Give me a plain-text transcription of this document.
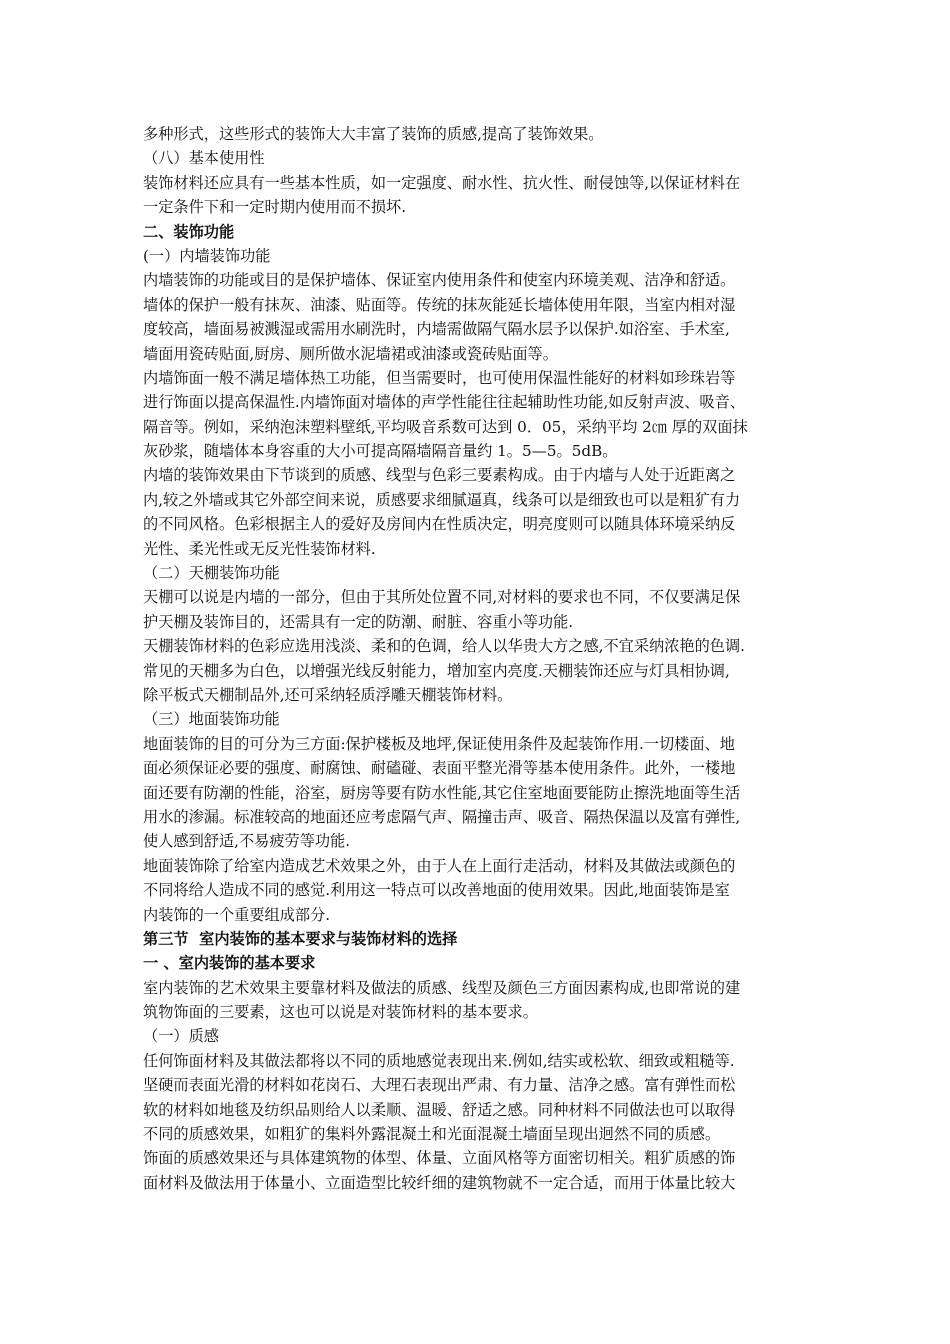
多种形式，这些形式的装饰大大丰富了装饰的质感,提高了装饰效果。
（八）基本使用性
装饰材料还应具有一些基本性质，如一定强度、耐水性、抗火性、耐侵蚀等,以保证材料在
一定条件下和一定时期内使用而不损坏.
二、装饰功能
(一）内墙装饰功能
内墙装饰的功能或目的是保护墙体、保证室内使用条件和使室内环境美观、洁净和舒适。
墙体的保护一般有抹灰、油漆、贴面等。传统的抹灰能延长墙体使用年限，当室内相对湿
度较高，墙面易被溅湿或需用水刷洗时，内墙需做隔气隔水层予以保护.如浴室、手术室,
墙面用瓷砖贴面,厨房、厕所做水泥墙裙或油漆或瓷砖贴面等。
内墙饰面一般不满足墙体热工功能，但当需要时，也可使用保温性能好的材料如珍珠岩等
进行饰面以提高保温性.内墙饰面对墙体的声学性能往往起辅助性功能,如反射声波、吸音、
隔音等。例如，采纳泡沫塑料壁纸,平均吸音系数可达到 0．05，采纳平均 2㎝ 厚的双面抹
灰砂浆，随墙体本身容重的大小可提高隔墙隔音量约 1。5—5。5dB。
内墙的装饰效果由下节谈到的质感、线型与色彩三要素构成。由于内墙与人处于近距离之
内,较之外墙或其它外部空间来说，质感要求细腻逼真，线条可以是细致也可以是粗犷有力
的不同风格。色彩根据主人的爱好及房间内在性质决定，明亮度则可以随具体环境采纳反
光性、柔光性或无反光性装饰材料.
（二）天棚装饰功能
天棚可以说是内墙的一部分，但由于其所处位置不同,对材料的要求也不同，不仅要满足保
护天棚及装饰目的，还需具有一定的防潮、耐脏、容重小等功能.
天棚装饰材料的色彩应选用浅淡、柔和的色调，给人以华贵大方之感,不宜采纳浓艳的色调.
常见的天棚多为白色，以增强光线反射能力，增加室内亮度.天棚装饰还应与灯具相协调,
除平板式天棚制品外,还可采纳轻质浮雕天棚装饰材料。
（三）地面装饰功能
地面装饰的目的可分为三方面:保护楼板及地坪,保证使用条件及起装饰作用.一切楼面、地
面必须保证必要的强度、耐腐蚀、耐磕碰、表面平整光滑等基本使用条件。此外，一楼地
面还要有防潮的性能，浴室，厨房等要有防水性能,其它住室地面要能防止擦洗地面等生活
用水的渗漏。标准较高的地面还应考虑隔气声、隔撞击声、吸音、隔热保温以及富有弹性,
使人感到舒适,不易疲劳等功能.
地面装饰除了给室内造成艺术效果之外，由于人在上面行走活动，材料及其做法或颜色的
不同将给人造成不同的感觉.利用这一特点可以改善地面的使用效果。因此,地面装饰是室
内装饰的一个重要组成部分.
第三节  室内装饰的基本要求与装饰材料的选择
一 、室内装饰的基本要求
室内装饰的艺术效果主要靠材料及做法的质感、线型及颜色三方面因素构成,也即常说的建
筑物饰面的三要素，这也可以说是对装饰材料的基本要求。
（一）质感
任何饰面材料及其做法都将以不同的质地感觉表现出来.例如,结实或松软、细致或粗糙等.
坚硬而表面光滑的材料如花岗石、大理石表现出严肃、有力量、洁净之感。富有弹性而松
软的材料如地毯及纺织品则给人以柔顺、温暖、舒适之感。同种材料不同做法也可以取得
不同的质感效果，如粗犷的集料外露混凝土和光面混凝土墙面呈现出迥然不同的质感。
饰面的质感效果还与具体建筑物的体型、体量、立面风格等方面密切相关。粗犷质感的饰
面材料及做法用于体量小、立面造型比较纤细的建筑物就不一定合适，而用于体量比较大
